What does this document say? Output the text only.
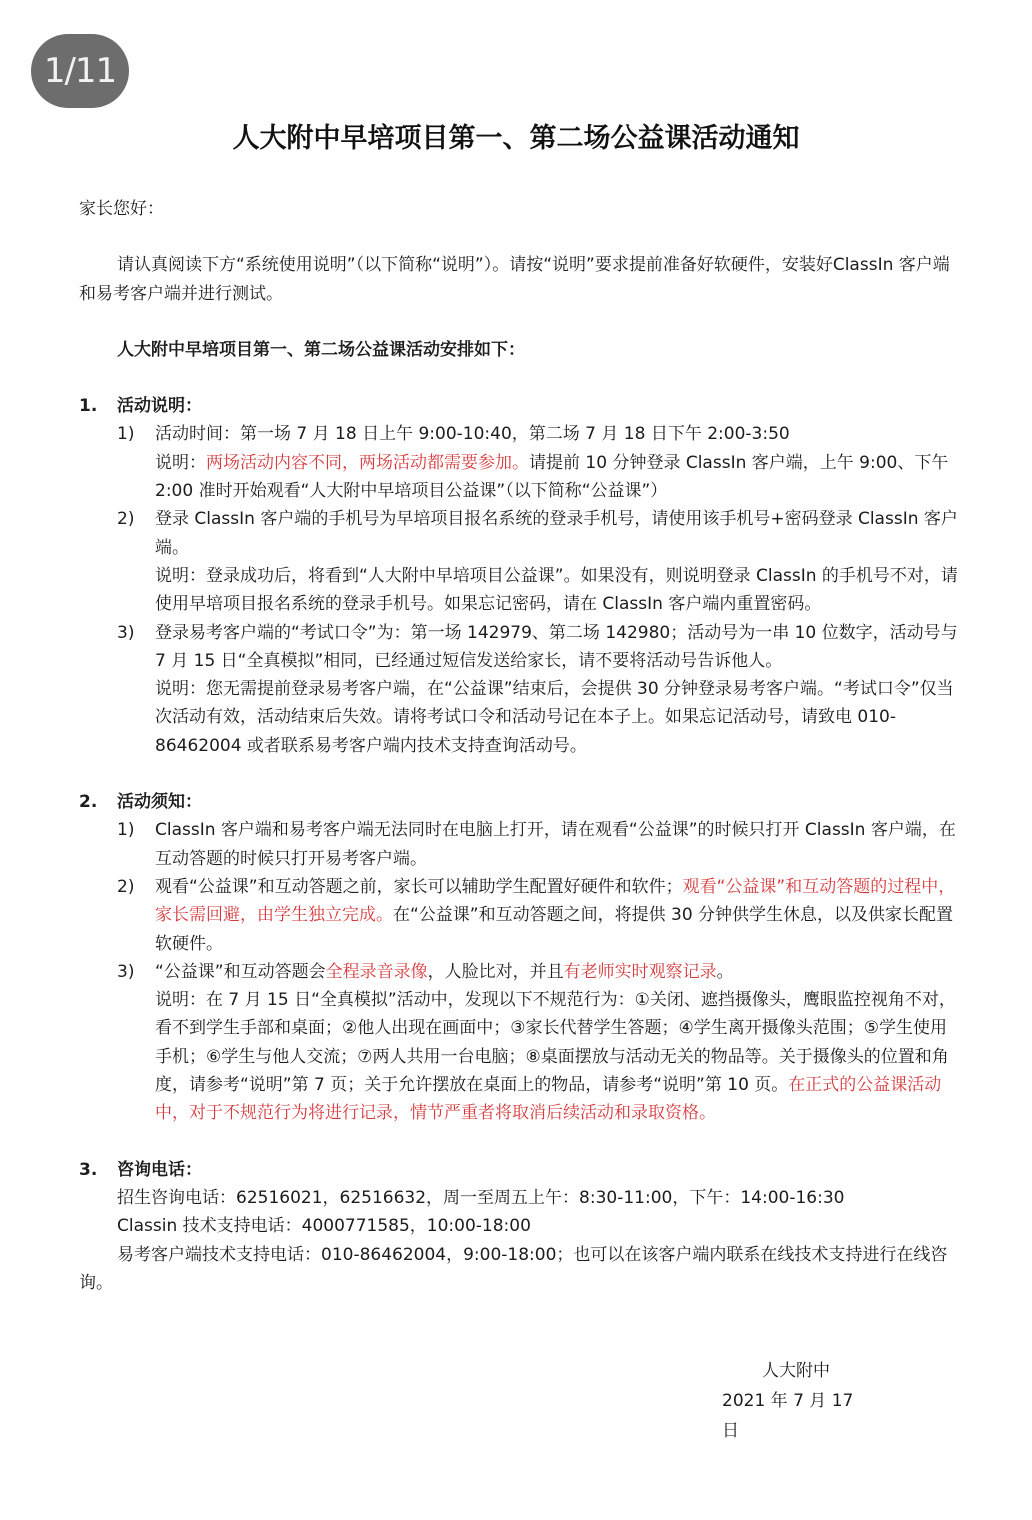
1/11
人大附中早培项目第一、第二场公益课活动通知

家长您好：

请认真阅读下方“系统使用说明”（以下简称“说明”）。请按“说明”要求提前准备好软硬件，安装好ClassIn 客户端和易考客户端并进行测试。

人大附中早培项目第一、第二场公益课活动安排如下：

1.	活动说明：
1)	活动时间：第一场 7 月 18 日上午 9:00-10:40，第二场 7 月 18 日下午 2:00-3:50
说明：两场活动内容不同，两场活动都需要参加。请提前 10 分钟登录 ClassIn 客户端，上午 9:00、下午 2:00 准时开始观看“人大附中早培项目公益课”（以下简称“公益课”）
2)	登录 ClassIn 客户端的手机号为早培项目报名系统的登录手机号，请使用该手机号+密码登录 ClassIn 客户端。
说明：登录成功后，将看到“人大附中早培项目公益课”。如果没有，则说明登录 ClassIn 的手机号不对，请使用早培项目报名系统的登录手机号。如果忘记密码，请在 ClassIn 客户端内重置密码。
3)	登录易考客户端的“考试口令”为：第一场 142979、第二场 142980；活动号为一串 10 位数字，活动号与 7 月 15 日“全真模拟”相同，已经通过短信发送给家长，请不要将活动号告诉他人。
说明：您无需提前登录易考客户端，在“公益课”结束后，会提供 30 分钟登录易考客户端。“考试口令”仅当次活动有效，活动结束后失效。请将考试口令和活动号记在本子上。如果忘记活动号，请致电 010-86462004 或者联系易考客户端内技术支持查询活动号。
2.	活动须知：
1)	ClassIn 客户端和易考客户端无法同时在电脑上打开，请在观看“公益课”的时候只打开 ClassIn 客户端，在互动答题的时候只打开易考客户端。
2)	观看“公益课”和互动答题之前，家长可以辅助学生配置好硬件和软件；观看“公益课”和互动答题的过程中，家长需回避，由学生独立完成。在“公益课”和互动答题之间，将提供 30 分钟供学生休息，以及供家长配置软硬件。
3)	“公益课”和互动答题会全程录音录像，人脸比对，并且有老师实时观察记录。
说明：在 7 月 15 日“全真模拟”活动中，发现以下不规范行为：①关闭、遮挡摄像头，鹰眼监控视角不对，看不到学生手部和桌面；②他人出现在画面中；③家长代替学生答题；④学生离开摄像头范围；⑤学生使用手机；⑥学生与他人交流；⑦两人共用一台电脑；⑧桌面摆放与活动无关的物品等。关于摄像头的位置和角度，请参考“说明”第 7 页；关于允许摆放在桌面上的物品，请参考“说明”第 10 页。在正式的公益课活动中，对于不规范行为将进行记录，情节严重者将取消后续活动和录取资格。
3.	咨询电话：
招生咨询电话：62516021，62516632，周一至周五上午：8:30-11:00，下午：14:00-16:30
Classin 技术支持电话：4000771585，10:00-18:00

易考客户端技术支持电话：010-86462004，9:00-18:00；也可以在该客户端内联系在线技术支持进行在线咨询。

人大附中
2021 年 7 月 17 日
